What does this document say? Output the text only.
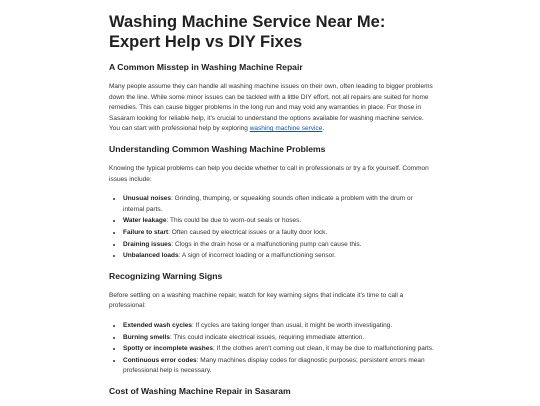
Washing Machine Service Near Me: Expert Help vs DIY Fixes
A Common Misstep in Washing Machine Repair

Many people assume they can handle all washing machine issues on their own, often leading to bigger problems down the line. While some minor issues can be tackled with a little DIY effort, not all repairs are suited for home remedies. This can cause bigger problems in the long run and may void any warranties in place. For those in Sasaram looking for reliable help, it's crucial to understand the options available for washing machine service. You can start with professional help by exploring washing machine service.

Understanding Common Washing Machine Problems

Knowing the typical problems can help you decide whether to call in professionals or try a fix yourself. Common issues include:

• Unusual noises: Grinding, thumping, or squeaking sounds often indicate a problem with the drum or internal parts.
• Water leakage: This could be due to worn-out seals or hoses.
• Failure to start: Often caused by electrical issues or a faulty door lock.
• Draining issues: Clogs in the drain hose or a malfunctioning pump can cause this.
• Unbalanced loads: A sign of incorrect loading or a malfunctioning sensor.
Recognizing Warning Signs

Before settling on a washing machine repair, watch for key warning signs that indicate it's time to call a professional:

• Extended wash cycles: If cycles are taking longer than usual, it might be worth investigating.
• Burning smells: This could indicate electrical issues, requiring immediate attention.
• Spotty or incomplete washes: If the clothes aren't coming out clean, it may be due to malfunctioning parts.
• Continuous error codes: Many machines display codes for diagnostic purposes; persistent errors mean professional help is necessary.
Cost of Washing Machine Repair in Sasaram
